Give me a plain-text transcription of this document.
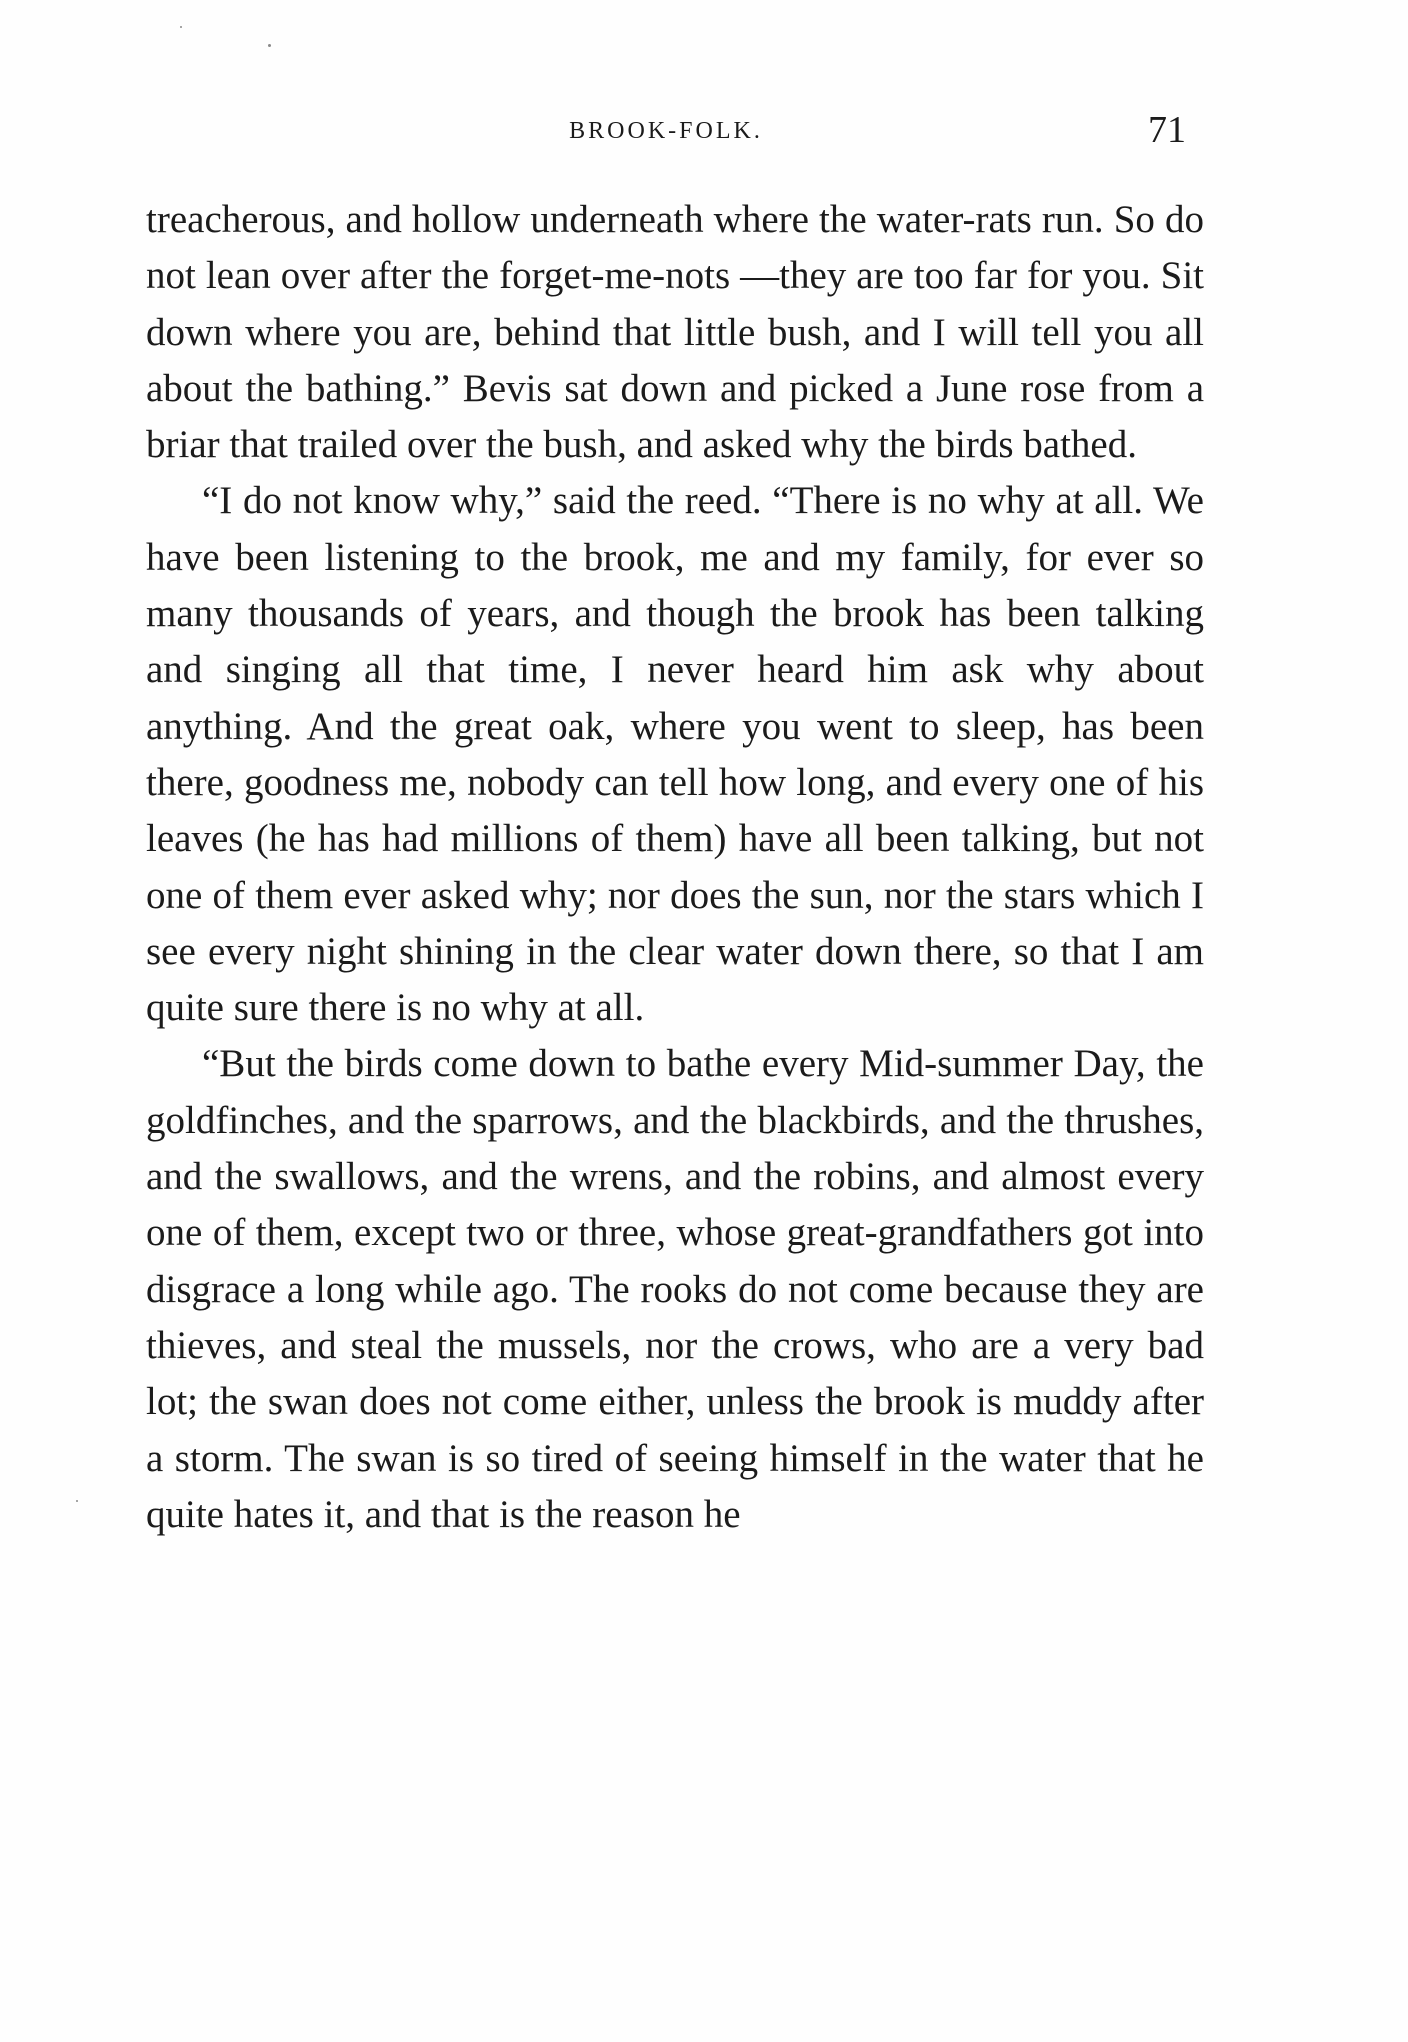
BROOK-FOLK.	71

treacherous, and hollow underneath where the water-rats run. So do not lean over after the forget-me-nots —they are too far for you. Sit down where you are, behind that little bush, and I will tell you all about the bathing.” Bevis sat down and picked a June rose from a briar that trailed over the bush, and asked why the birds bathed.

“I do not know why,” said the reed. “There is no why at all. We have been listening to the brook, me and my family, for ever so many thousands of years, and though the brook has been talking and singing all that time, I never heard him ask why about anything. And the great oak, where you went to sleep, has been there, goodness me, nobody can tell how long, and every one of his leaves (he has had millions of them) have all been talking, but not one of them ever asked why; nor does the sun, nor the stars which I see every night shining in the clear water down there, so that I am quite sure there is no why at all.

“But the birds come down to bathe every Mid-summer Day, the goldfinches, and the sparrows, and the blackbirds, and the thrushes, and the swallows, and the wrens, and the robins, and almost every one of them, except two or three, whose great-grandfathers got into disgrace a long while ago. The rooks do not come because they are thieves, and steal the mussels, nor the crows, who are a very bad lot; the swan does not come either, unless the brook is muddy after a storm. The swan is so tired of seeing himself in the water that he quite hates it, and that is the reason he
